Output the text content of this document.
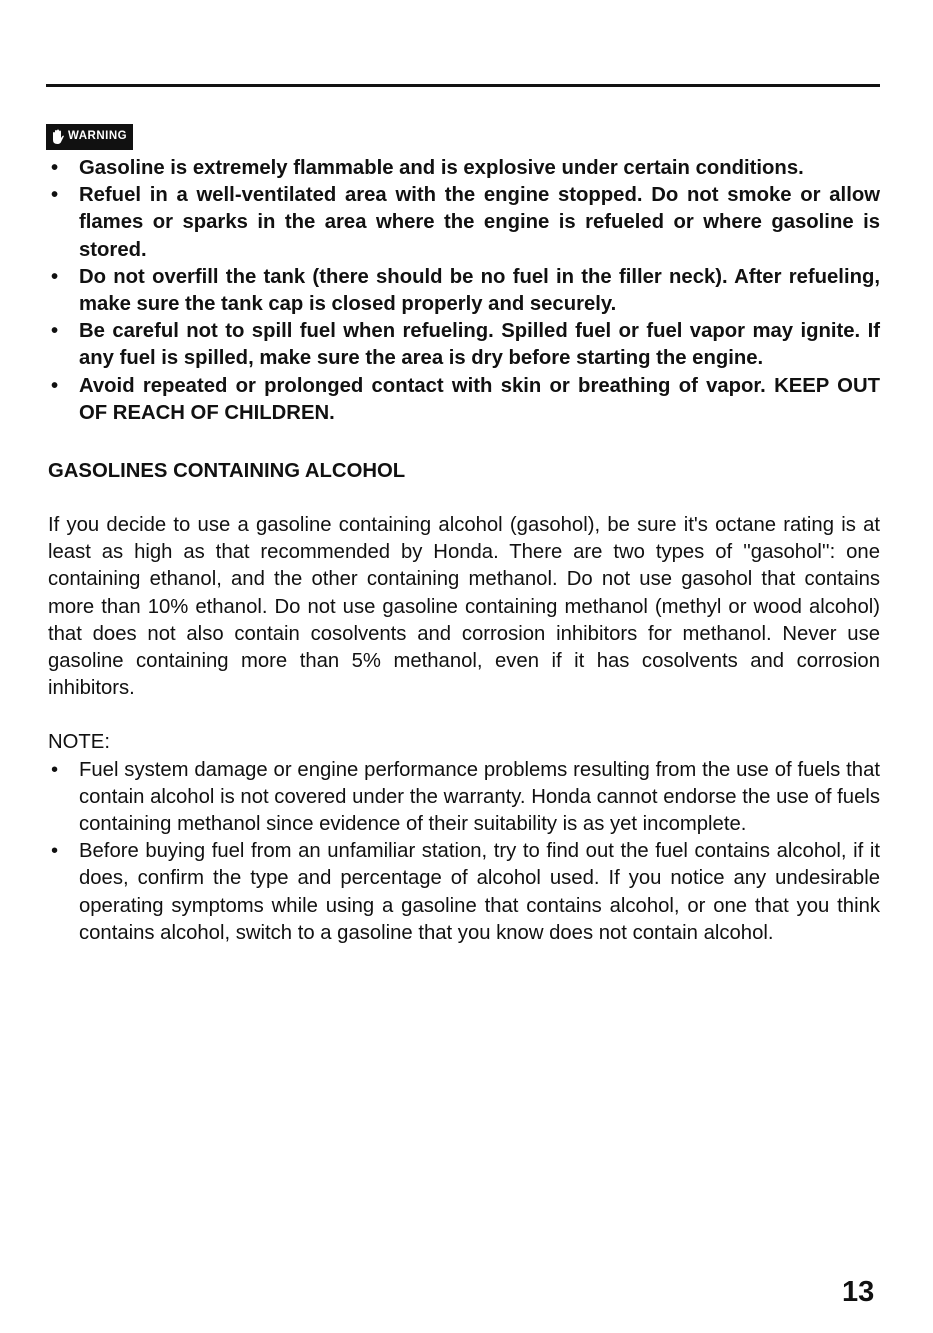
WARNING
• Gasoline is extremely flammable and is explosive under certain conditions.
• Refuel in a well-ventilated area with the engine stopped. Do not smoke or allow flames or sparks in the area where the engine is refueled or where gasoline is stored.
• Do not overfill the tank (there should be no fuel in the filler neck). After refueling, make sure the tank cap is closed properly and securely.
• Be careful not to spill fuel when refueling. Spilled fuel or fuel vapor may ignite. If any fuel is spilled, make sure the area is dry before starting the engine.
• Avoid repeated or prolonged contact with skin or breathing of vapor. KEEP OUT OF REACH OF CHILDREN.
GASOLINES CONTAINING ALCOHOL

If you decide to use a gasoline containing alcohol (gasohol), be sure it's octane rating is at least as high as that recommended by Honda. There are two types of ''gasohol'': one containing ethanol, and the other containing methanol. Do not use gasohol that contains more than 10% ethanol. Do not use gasoline containing methanol (methyl or wood alcohol) that does not also contain cosolvents and corrosion inhibitors for methanol. Never use gasoline containing more than 5% methanol, even if it has cosolvents and corrosion inhibitors.

NOTE:

• Fuel system damage or engine performance problems resulting from the use of fuels that contain alcohol is not covered under the warranty. Honda cannot endorse the use of fuels containing methanol since evidence of their suitability is as yet incomplete.
• Before buying fuel from an unfamiliar station, try to find out the fuel contains alcohol, if it does, confirm the type and percentage of alcohol used. If you notice any undesirable operating symptoms while using a gasoline that contains alcohol, or one that you think contains alcohol, switch to a gasoline that you know does not contain alcohol.
13
